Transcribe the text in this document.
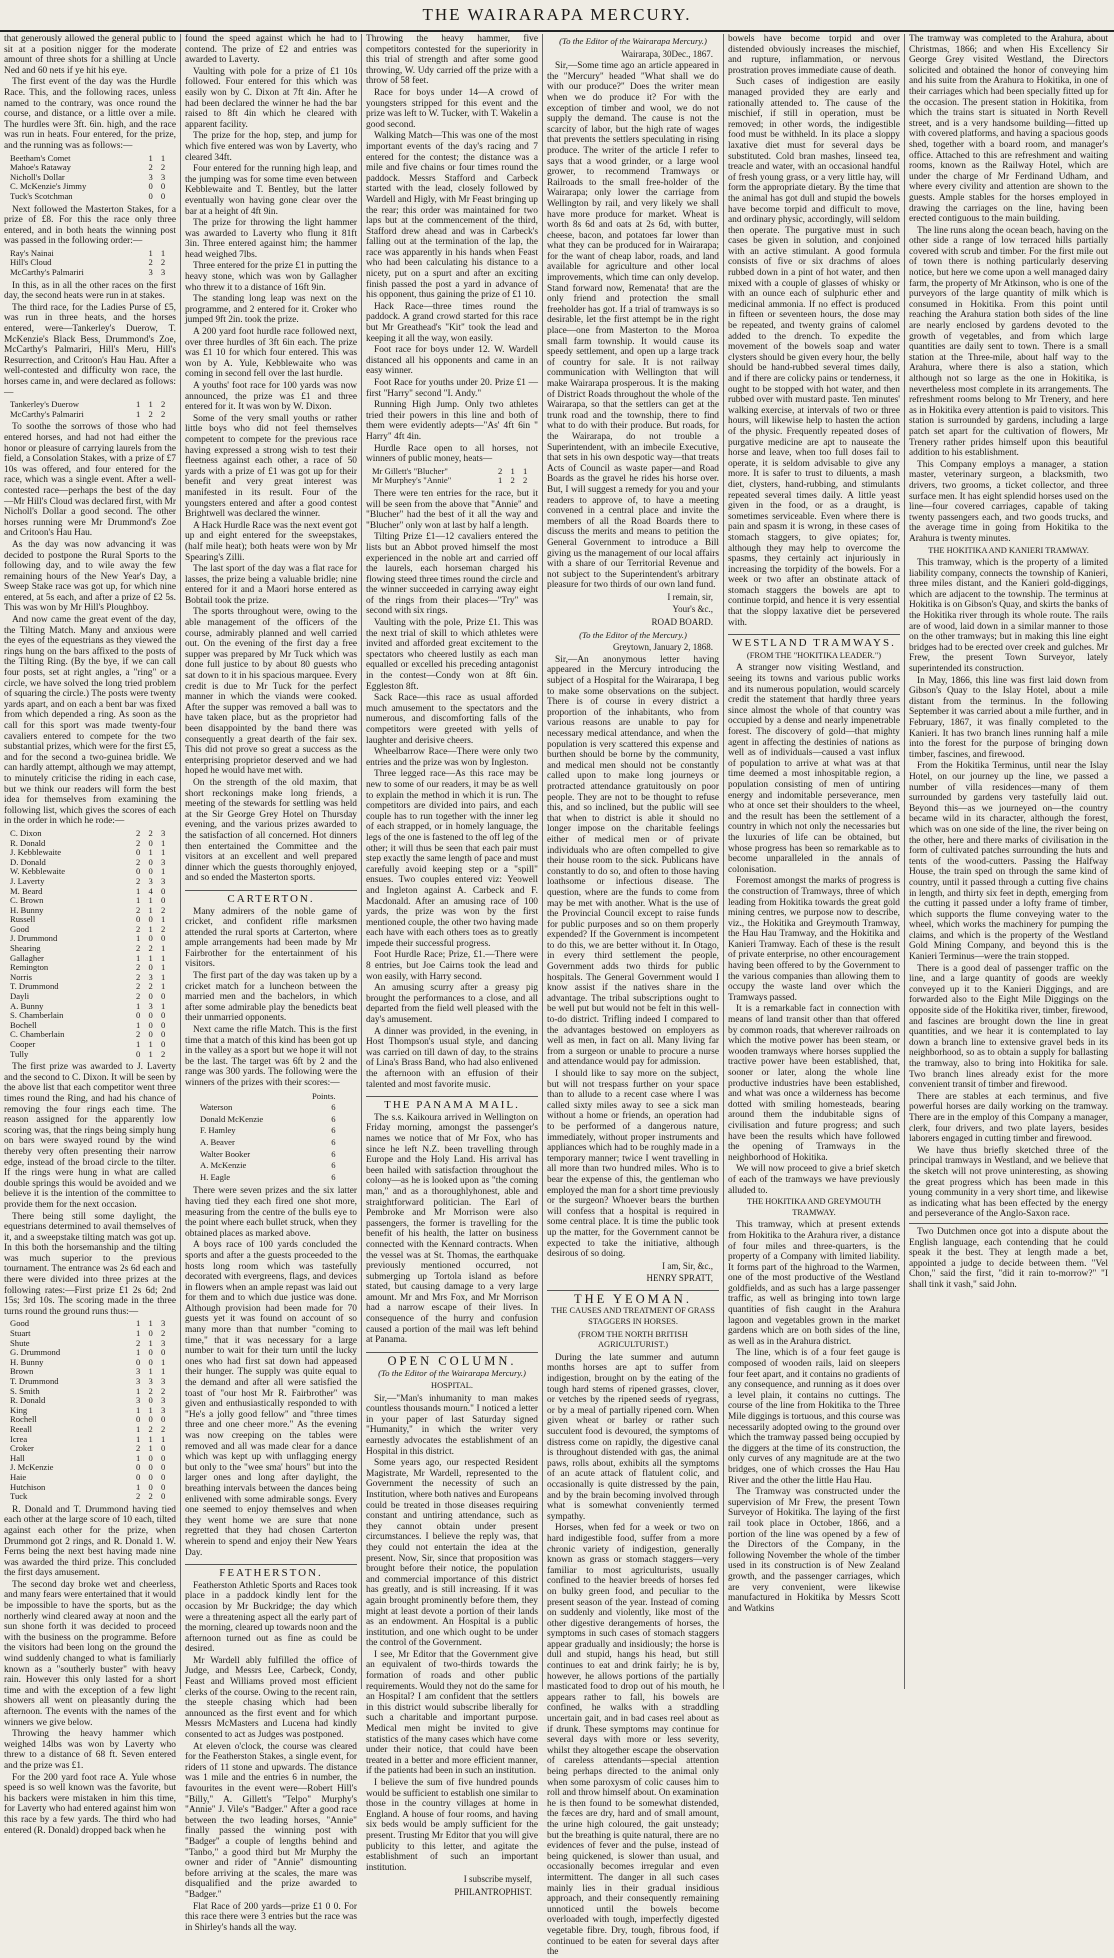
THE WAIRARAPA MERCURY.

that generously allowed the general public to sit at a position nigger for the moderate amount of three shots for a shilling at Uncle Ned and 60 nets if ye hit his eye.

The first event of the day was the Hurdle Race. This, and the following races, unless named to the contrary, was once round the course, and distance, or a little over a mile. The hurdles were 3ft. 6in. high, and the race was run in heats. Four entered, for the prize, and the running was as follows:—

Beetham's Comet	1 1
Mahoe's Rataway	2 2
Nicholl's Dollar	3 3
C. McKenzie's Jimmy	0 0
Tuck's Scotchman	0 0

Next followed the Masterton Stakes, for a prize of £8. For this the race only three entered, and in both heats the winning post was passed in the following order:—

Ray's Nainai	1 1
Hill's Cloud	2 2
McCarthy's Palmariri	3 3

In this, as in all the other races on the first day, the second heats were run in at stakes.

The third race, for the Ladies Purse of £5, was run in three heats, and the horses entered, were—Tankerley's Duerow, T. McKenzie's Black Bess, Drummond's Zoe, McCarthy's Palmariri, Hill's Meru, Hill's Resurrection, and Critoon's Hau Hau. After a well-contested and difficulty won race, the horses came in, and were declared as follows:—

Tankerley's Duerow	1 1 2
McCarthy's Palmariri	1 2 2

To soothe the sorrows of those who had entered horses, and had not had either the honor or pleasure of carrying laurels from the field, a Consolation Stakes, with a prize of £7 10s was offered, and four entered for the race, which was a single event. After a well-contested race—perhaps the best of the day—Mr Hill's Cloud was declared first, with Mr Nicholl's Dollar a good second. The other horses running were Mr Drummond's Zoe and Critoon's Hau Hau.

As the day was now advancing it was decided to postpone the Rural Sports to the following day, and to wile away the few remaining hours of the New Year's Day, a Sweep Stake race was got up, for which nine entered, at 5s each, and after a prize of £2 5s. This was won by Mr Hill's Ploughboy.

And now came the great event of the day, the Tilting Match. Many and anxious were the eyes of the equestrians as they viewed the rings hung on the bars affixed to the posts of the Tilting Ring. (By the bye, if we can call four posts, set at right angles, a "ring" or a circle, we have solved the long tried problem of squaring the circle.) The posts were twenty yards apart, and on each a bent bar was fixed from which depended a ring. As soon as the call for this sport was made twenty-four cavaliers entered to compete for the two substantial prizes, which were for the first £5, and for the second a two-guinea bridle. We can hardly attempt, although we may attempt, to minutely criticise the riding in each case, but we think our readers will form the best idea for themselves from examining the following list, which gives the scores of each in the order in which he rode:—

C. Dixon	2 2 3
R. Donald	2 0 1
J. Kebblewaite	0 1 1
D. Donald	2 0 3
W. Kebblewaite	0 0 1
J. Laverty	2 3 3
M. Beard	1 4 0
C. Brown	1 1 0
H. Bunny	2 1 2
Russell	0 0 1
Good	2 1 2
J. Drummond	1 0 0
Shearing	2 2 1
Gallagher	1 1 1
Remington	2 0 1
Norris	2 3 1
T. Drummond	2 2 1
Dayli	2 0 0
A. Bunny	1 3 1
S. Chamberlain	0 0 0
Bochell	1 0 0
C. Chamberlain	2 0 0
Cooper	1 1 0
Tully	0 1 2

The first prize was awarded to J. Laverty and the second to C. Dixon. It will be seen by the above list that each competitor went three times round the Ring, and had his chance of removing the four rings each time. The reason assigned for the apparently low scoring was, that the rings being simply hung on bars were swayed round by the wind thereby very often presenting their narrow edge, instead of the broad circle to the tilter. If the rings were hung in what are called double springs this would be avoided and we believe it is the intention of the committee to provide them for the next occasion.

There being still some daylight, the equestrians determined to avail themselves of it, and a sweepstake tilting match was got up. In this both the horsemanship and the tilting was much superior to the previous tournament. The entrance was 2s 6d each and there were divided into three prizes at the following rates:—First prize £1 2s 6d; 2nd 15s; 3rd 10s. The scoring made in the three turns round the ground runs thus:—

Good	1 1 3
Stuart	1 0 2
Shute	2 1 3
G. Drummond	1 0 0
H. Bunny	0 0 1
Brown	3 1 1
T. Drummond	3 3 3
S. Smith	1 2 2
R. Donald	3 0 3
King	1 1 3
Rochell	0 0 0
Reeall	1 2 2
Icrea	1 1 1
Croker	2 1 0
Hall	1 0 0
J. McKenzie	0 0 0
Haie	0 0 0
Hutchison	1 0 0
Tuck	2 2 0

R. Donald and T. Drummond having tied each other at the large score of 10 each, tilted against each other for the prize, when Drummond got 2 rings, and R. Donald 1. W. Ferns being the next best having made nine was awarded the third prize. This concluded the first days amusement.

The second day broke wet and cheerless, and many fears were entertained that it would be impossible to have the sports, but as the northerly wind cleared away at noon and the sun shone forth it was decided to proceed with the business on the programme. Before the visitors had been long on the ground the wind suddenly changed to what is familiarly known as a "southerly buster" with heavy rain. However this only lasted for a short time and with the exception of a few light showers all went on pleasantly during the afternoon. The events with the names of the winners we give below.

Throwing the heavy hammer which weighed 14lbs was won by Laverty who threw to a distance of 68 ft. Seven entered and the prize was £1.

For the 200 yard foot race A. Yule whose speed is so well known was the favorite, but his backers were mistaken in him this time, for Laverty who had entered against him won this race by a few yards. The third who had entered (R. Donald) dropped back when he

found the speed against which he had to contend. The prize of £2 and entries was awarded to Laverty.

Vaulting with pole for a prize of £1 10s followed. Four entered for this which was easily won by C. Dixon at 7ft 4in. After he had been declared the winner he had the bar raised to 8ft 4in which he cleared with apparent facility.

The prize for the hop, step, and jump for which five entered was won by Laverty, who cleared 34ft.

Four entered for the running high leap, and the jumping was for some time even between Kebblewaite and T. Bentley, but the latter eventually won having gone clear over the bar at a height of 4ft 9in.

The prize for throwing the light hammer was awarded to Laverty who flung it 81ft 3in. Three entered against him; the hammer head weighed 7lbs.

Three entered for the prize £1 in putting the heavy stone, which was won by Gallagher who threw it to a distance of 16ft 9in.

The standing long leap was next on the programme, and 2 entered for it. Croker who jumped 9ft 2in. took the prize.

A 200 yard foot hurdle race followed next, over three hurdles of 3ft 6in each. The prize was £1 10 for which four entered. This was won by A. Yule, Kebblewaite who was coming in second fell over the last hurdle.

A youths' foot race for 100 yards was now announced, the prize was £1 and three entered for it. It was won by W. Dixon.

Some of the very small youths or rather little boys who did not feel themselves competent to compete for the previous race having expressed a strong wish to test their fleetness against each other, a race of 50 yards with a prize of £1 was got up for their benefit and very great interest was manifested in its result. Four of the youngsters entered and after a good contest Brightwell was declared the winner.

A Hack Hurdle Race was the next event got up and eight entered for the sweepstakes, (half mile heat); both heats were won by Mr Spearing's Zilli.

The last sport of the day was a flat race for lasses, the prize being a valuable bridle; nine entered for it and a Maori horse entered as Bobtail took the prize.

The sports throughout were, owing to the able management of the officers of the course, admirably planned and well carried out. On the evening of the first day a free supper was prepared by Mr Tuck which was done full justice to by about 80 guests who sat down to it in his spacious marquee. Every credit is due to Mr Tuck for the perfect manner in which the viands were cooked. After the supper was removed a ball was to have taken place, but as the proprietor had been disappointed by the band there was consequently a great dearth of the fair sex. This did not prove so great a success as the enterprising proprietor deserved and we had hoped he would have met with.

On the strength of the old maxim, that short reckonings make long friends, a meeting of the stewards for settling was held at the Sir George Grey Hotel on Thursday evening, and the various prizes awarded to the satisfaction of all concerned. Hot dinners then entertained the Committee and the visitors at an excellent and well prepared dinner which the guests thoroughly enjoyed, and so ended the Masterton sports.

CARTERTON.

Many admirers of the noble game of cricket, and confident rifle marksmen attended the rural sports at Carterton, where ample arrangements had been made by Mr Fairbrother for the entertainment of his visitors.

The first part of the day was taken up by a cricket match for a luncheon between the married men and the bachelors, in which after some admirable play the benedicts beat their unmarried opponents.

Next came the rifle Match. This is the first time that a match of this kind has been got up in the valley as a sport but we hope it will not be the last. The target was 6ft by 2 and the range was 300 yards. The following were the winners of the prizes with their scores:—

	Points.
Waterson	6
Donald McKenzie	6
F. Hamley	6
A. Beaver	6
Walter Booker	6
A. McKenzie	6
H. Eagle	6

There were seven prizes and the six latter having tied they each fired one shot more, measuring from the centre of the bulls eye to the point where each bullet struck, when they obtained places as marked above.

A boys race of 100 yards concluded the sports and after a the guests proceeded to the hosts long room which was tastefully decorated with evergreens, flags, and devices in flowers when an ample repast was laid out for them and to which due justice was done. Although provision had been made for 70 guests yet it was found on account of so many more than that number "coming to time," that it was necessary for a large number to wait for their turn until the lucky ones who had first sat down had appeased their hunger. The supply was quite equal to the demand and after all were satisfied the toast of "our host Mr R. Fairbrother" was given and enthusiastically responded to with "He's a jolly good fellow" and "three times three and one cheer more." As the evening was now creeping on the tables were removed and all was made clear for a dance which was kept up with unflagging energy but only to the "wee sma' hours" but into the larger ones and long after daylight, the breathing intervals between the dances being enlivened with some admirable songs. Every one seemed to enjoy themselves and when they went home we are sure that none regretted that they had chosen Carterton wherein to spend and enjoy their New Years Day.

FEATHERSTON.

Featherston Athletic Sports and Races took place in a paddock kindly lent for the occasion by Mr Buckridge; the day which were a threatening aspect all the early part of the morning, cleared up towards noon and the afternoon turned out as fine as could be desired.

Mr Wardell ably fulfilled the office of Judge, and Messrs Lee, Carbeck, Condy, Feast and Williams proved most efficient clerks of the course. Owing to the recent rain, the steeple chasing which had been announced as the first event and for which Messrs McMasters and Lucena had kindly consented to act as Judges was postponed.

At eleven o'clock, the course was cleared for the Featherston Stakes, a single event, for riders of 11 stone and upwards. The distance was 1 mile and the entries 6 in number, the favourites in the event were—Robert Hill's "Billy," A. Gillett's "Telpo" Murphy's "Annie" J. Vile's "Badger." After a good race between the two leading horses, "Annie" finally passed the winning post with "Badger" a couple of lengths behind and "Tanbo," a good third but Mr Murphy the owner and rider of "Annie" dismounting before arriving at the scales, the mare was disqualified and the prize awarded to "Badger."

Flat Race of 200 yards—prize £1 0 0. For this race there were 3 entries but the race was in Shirley's hands all the way.

Throwing the heavy hammer, five competitors contested for the superiority in this trial of strength and after some good throwing, W. Udy carried off the prize with a throw of 58 feet.

Race for boys under 14—A crowd of youngsters stripped for this event and the prize was left to W. Tucker, with T. Wakelin a good second.

Walking Match—This was one of the most important events of the day's racing and 7 entered for the contest; the distance was a mile and five chains or four times round the paddock. Messrs Stafford and Carbeck started with the lead, closely followed by Wardell and Higly, with Mr Feast bringing up the rear; this order was maintained for two laps but at the commencement of the third, Stafford drew ahead and was in Carbeck's falling out at the termination of the lap, the race was apparently in his hands when Feast who had been calculating his distance to a nicety, put on a spurt and after an exciting finish passed the post a yard in advance of his opponent, thus gaining the prize of £1 10.

Hack Race—three times round the paddock. A grand crowd started for this race but Mr Greathead's "Kit" took the lead and keeping it all the way, won easily.

Foot race for boys under 12. W. Wardell distanced all his opponents and came in an easy winner.

Foot Race for youths under 20. Prize £1 —first "Harry" second "I. Andy."

Running High Jump. Only two athletes tried their powers in this line and both of them were evidently adepts—"As' 4ft 6in " Harry" 4ft 4in.

Hurdle Race open to all horses, not winners of public money, heats—

Mr Gillett's "Blucher"	2 1 1
Mr Murphey's "Annie"	1 2 2

There were ten entries for the race, but it will be seen from the above that "Annie" and "Blucher" had the best of it all the way and "Blucher" only won at last by half a length.

Tilting Prize £1—12 cavaliers entered the lists but an Abbot proved himself the most experienced in the noble art and carried off the laurels, each horseman charged his flowing steed three times round the circle and the winner succeeded in carrying away eight of the rings from their places—"Try" was second with six rings.

Vaulting with the pole, Prize £1. This was the next trial of skill to which athletes were invited and afforded great excitement to the spectators who cheered lustily as each man equalled or excelled his preceding antagonist in the contest—Condy won at 8ft 6in. Eggleston 8ft.

Sack Race—this race as usual afforded much amusement to the spectators and the numerous, and discomforting falls of the competitors were greeted with yells of laughter and derisive cheers.

Wheelbarrow Race—There were only two entries and the prize was won by Ingleston.

Three legged race—As this race may be new to some of our readers, it may be as well to explain the method in which it is run. The competitors are divided into pairs, and each couple has to run together with the inner leg of each strapped, or in homely language, the legs of the one is fastened to the off leg of the other; it will thus be seen that each pair must step exactly the same length of pace and must carefully avoid keeping step or a "spill" ensues. Two couples entered viz: Yeowell and Ingleton against A. Carbeck and F. Macdonald. After an amusing race of 100 yards, the prize was won by the first mentioned couple, the other two having made each have with each others toes as to greatly impede their successful progress.

Foot Hurdle Race; Prize, £1.—There were 8 entries, but Joe Cairns took the lead and won easily, with Harry second.

An amusing scurry after a greasy pig brought the performances to a close, and all departed from the field well pleased with the day's amusement.

A dinner was provided, in the evening, in Host Thompson's usual style, and dancing was carried on till dawn of day, to the strains of Lina's Brass Band, who had also enlivened the afternoon with an effusion of their talented and most favorite music.

THE PANAMA MAIL.

The s.s. Kaikoura arrived in Wellington on Friday morning, amongst the passenger's names we notice that of Mr Fox, who has since he left N.Z. been travelling through Europe and the Holy Land. His arrival has been hailed with satisfaction throughout the colony—as he is looked upon as "the coming man," and as a thoroughlyhonest, able and straightforward politician. The Earl of Pembroke and Mr Morrison were also passengers, the former is travelling for the benefit of his health, the latter on business connected with the Kennard contracts. When the vessel was at St. Thomas, the earthquake previously mentioned occurred, not submerging up Tortola island as before stated, but causing damage to a very large amount. Mr and Mrs Fox, and Mr Morrison had a narrow escape of their lives. In consequence of the hurry and confusion caused a portion of the mail was left behind at Panama.

OPEN COLUMN.
(To the Editor of the Wairarapa Mercury.)
HOSPITAL.

Sir,—"Man's inhumanity to man makes countless thousands mourn." I noticed a letter in your paper of last Saturday signed "Humanity," in which the writer very earnestly advocates the establishment of an Hospital in this district.

Some years ago, our respected Resident Magistrate, Mr Wardell, represented to the Government the necessity of such an Institution, where both natives and Europeans could be treated in those diseases requiring constant and untiring attendance, such as they cannot obtain under present circumstances. I believe the reply was, that they could not entertain the idea at the present. Now, Sir, since that proposition was brought before their notice, the population and commercial importance of this district has greatly, and is still increasing. If it was again brought prominently before them, they might at least devote a portion of their lands as an endowment. An Hospital is a public institution, and one which ought to be under the control of the Government.

I see, Mr Editor that the Government give an equivalent of two-thirds towards the formation of roads and other public requirements. Would they not do the same for an Hospital? I am confident that the settlers in this district would subscribe liberally for such a charitable and important purpose. Medical men might be invited to give statistics of the many cases which have come under their notice, that could have been treated in a better and more efficient manner, if the patients had been in such an institution.

I believe the sum of five hundred pounds would be sufficient to establish one similar to those in the country villages at home in England. A house of four rooms, and having six beds would be amply sufficient for the present. Trusting Mr Editor that you will give publicity to this letter, and agitate the establishment of such an important institution.

I subscribe myself,
PHILANTROPHIST.
(To the Editor of the Wairarapa Mercury.)
Wairarapa, 30Dec., 1867.

Sir,—Some time ago an article appeared in the "Mercury" headed "What shall we do with our produce?" Does the writer mean when we do produce it? For with the exception of timber and wool, we do not supply the demand. The cause is not the scarcity of labor, but the high rate of wages that prevents the settlers speculating in rising produce. The writer of the article I refer to says that a wood grinder, or a large wool grower, to recommend Tramways or Railroads to the small free-holder of the Wairarapa; only lower the carriage from Wellington by rail, and very likely we shall have more produce for market. Wheat is worth 8s 6d and oats at 2s 6d, with butter, cheese, bacon, and potatoes far lower than what they can be produced for in Wairarapa; for the want of cheap labor, roads, and land available for agriculture and other local improvements, which time can only develop. Stand forward now, Remenata! that are the only friend and protection the small freeholder has got. If a trial of tramways is so desirable, let the first attempt be in the right place—one from Masterton to the Moroa small farm township. It would cause its speedy settlement, and open up a large track of country for sale. It is not railway communication with Wellington that will make Wairarapa prosperous. It is the making of District Roads throughout the whole of the Wairarapa, so that the settlers can get at the trunk road and the township, there to find what to do with their produce. But roads, for the Wairarapa, do not trouble a Superintendent, with an imbecile Executive, that sets in his own despotic way—that treats Acts of Council as waste paper—and Road Boards as the gravel he rides his horse over. But, I will suggest a remedy for you and your readers to approve of, to have a meeting convened in a central place and invite the members of all the Road Boards there to discuss the merits and means to petition the General Government to introduce a Bill giving us the management of our local affairs with a share of our Territorial Revenue and not subject to the Superintendent's arbitrary pleasure for two thirds of our own land fund.

I remain, sir,
Your's &c.,
ROAD BOARD.
(To the Editor of the Mercury.)
Greytown, January 2, 1868.

Sir,—An anonymous letter having appeared in the Mercury introducing the subject of a Hospital for the Wairarapa, I beg to make some observations on the subject. There is of course in every district a proportion of the inhabitants, who from various reasons are unable to pay for necessary medical attendance, and when the population is very scattered this expense and burthen should be borne by the community, and medical men should not be constantly called upon to make long journeys or protracted attendance gratuitously on poor people. They are not to be thought to refuse this, and so inclined, but the public will see that when to district is able it should no longer impose on the charitable feelings either of medical men or of private individuals who are often compelled to give their house room to the sick. Publicans have constantly to do so, and often to those having loathsome or infectious disease. The question, where are the funds to come from may be met with another. What is the use of the Provincial Council except to raise funds for public purposes and so on them properly expended? If the Government is incompetent to do this, we are better without it. In Otago, in every third settlement the people, Government adds two thirds for public hospitals. The General Government would I know assist if the natives share in the advantage. The tribal subscriptions ought to be well put but would not be felt in this well-to-do district. Trifling indeed I compared to the advantages bestowed on employers as well as men, in fact on all. Many living far from a surgeon or unable to procure a nurse and attendance would pay for admission.

I should like to say more on the subject, but will not trespass further on your space than to allude to a recent case where I was called sixty miles away to see a sick man without a home or friends, an operation had to be performed of a dangerous nature, immediately, without proper instruments and appliances which had to be roughly made in a temporary manner; twice I went travelling in all more than two hundred miles. Who is to bear the expense of this, the gentleman who employed the man for a short time previously or the surgeon? Whoever bears the burthen will confess that a hospital is required in some central place. It is time the public took up the matter, for the Government cannot be expected to take the initiative, although desirous of so doing.

I am, Sir, &c.,
HENRY SPRATT,
THE YEOMAN.
THE CAUSES AND TREATMENT OF GRASS STAGGERS IN HORSES.
(FROM THE NORTH BRITISH AGRICULTURIST.)

During the late summer and autumn months horses are apt to suffer from indigestion, brought on by the eating of the tough hard stems of ripened grasses, clover, or vetches by the ripened seeds of ryegrass, or by a meal of partially ripened corn. When given wheat or barley or rather such succulent food is devoured, the symptoms of distress come on rapidly, the digestive canal is throughout distended with gas, the animal paws, rolls about, exhibits all the symptoms of an acute attack of flatulent colic, and occasionally is quite distressed by the pain, and by the brain becoming involved through what is somewhat conveniently termed sympathy.

Horses, when fed for a week or two on hard indigestible food, suffer from a more chronic variety of indigestion, generally known as grass or stomach staggers—very familiar to most agriculturists, usually confined to the heavier breeds of horses fed on bulky green food, and peculiar to the present season of the year. Instead of coming on suddenly and violently, like most of the other digestive derangements of horses, the symptoms in such cases of stomach staggers appear gradually and insidiously; the horse is dull and stupid, hangs his head, but still continues to eat and drink fairly; he is by, however, he allows portions of the partially masticated food to drop out of his mouth, he appears rather to fall, his bowels are confined, he walks with a straddling uncertain gait, and in bad cases reel about as if drunk. These symptoms may continue for several days with more or less severity, whilst they altogether escape the observation of careless attendants—special attention being perhaps directed to the animal only when some paroxysm of colic causes him to roll and throw himself about. On examination he is then found to be somewhat distended, the fæces are dry, hard and of small amount, the urine high coloured, the gait unsteady; but the breathing is quite natural, there are no evidences of fever and the pulse, instead of being quickened, is slower than usual, and occasionally becomes irregular and even intermittent. The danger in all such cases mainly lies in their gradual insidious approach, and their consequently remaining unnoticed until the bowels become overloaded with tough, imperfectly digested vegetable fibre. Dry, tough, fibrous food, if continued to be eaten for several days after the

bowels have become torpid and over distended obviously increases the mischief, and rupture, inflammation, or nervous prostration proves immediate cause of death.

Such cases of indigestion are easily managed provided they are early and rationally attended to. The cause of the mischief, if still in operation, must be removed; in other words, the indigestible food must be withheld. In its place a sloppy laxative diet must for several days be substituted. Cold bran mashes, linseed tea, treacle and water, with an occasional handful of fresh young grass, or a very little hay, will form the appropriate dietary. By the time that the animal has got dull and stupid the bowels have become torpid and difficult to move, and ordinary physic, accordingly, will seldom then operate. The purgative must in such cases be given in solution, and conjoined with an active stimulant. A good formula consists of five or six drachms of aloes rubbed down in a pint of hot water, and then mixed with a couple of glasses of whisky or with an ounce each of sulphuric ether and medicinal ammonia. If no effect is produced in fifteen or seventeen hours, the dose may be repeated, and twenty grains of calomel added to the drench. To expedite the movement of the bowels soap and water clysters should be given every hour, the belly should be hand-rubbed several times daily, and if there are colicky pains or tenderness, it ought to be stopped with hot water, and then rubbed over with mustard paste. Ten minutes' walking exercise, at intervals of two or three hours, will likewise help to hasten the action of the physic. Frequently repeated doses of purgative medicine are apt to nauseate the horse and leave, when too full doses fail to operate, it is seldom advisable to give any more. It is safer to trust to diluents, a mash diet, clysters, hand-rubbing, and stimulants repeated several times daily. A little yeast given in the food, or as a draught, is sometimes serviceable. Even where there is pain and spasm it is wrong, in these cases of stomach staggers, to give opiates; for, although they may help to overcome the spasms, they certainly act injuriously in increasing the torpidity of the bowels. For a week or two after an obstinate attack of stomach staggers the bowels are apt to continue torpid, and hence it is very essential that the sloppy laxative diet be persevered with.

WESTLAND TRAMWAYS.
(FROM THE "HOKITIKA LEADER.")

A stranger now visiting Westland, and seeing its towns and various public works and its numerous population, would scarcely credit the statement that hardly three years since almost the whole of that country was occupied by a dense and nearly impenetrable forest. The discovery of gold—that mighty agent in affecting the destinies of nations as well as of individuals—caused a vast influx of population to arrive at what was at that time deemed a most inhospitable region, a population consisting of men of untiring energy and indomitable perseverance, men who at once set their shoulders to the wheel, and the result has been the settlement of a country in which not only the necessaries but the luxuries of life can be obtained, but whose progress has been so remarkable as to become unparalleled in the annals of colonisation.

Foremost amongst the marks of progress is the construction of Tramways, three of which leading from Hokitika towards the great gold mining centres, we purpose now to describe, viz., the Hokitika and Greymouth Tramway, the Hau Hau Tramway, and the Hokitika and Kanieri Tramway. Each of these is the result of private enterprise, no other encouragement having been offered to by the Government to the various companies than allowing them to occupy the waste land over which the Tramways passed.

It is a remarkable fact in connection with means of land transit other than that offered by common roads, that wherever railroads on which the motive power has been steam, or wooden tramways where horses supplied the tractive power have been established, that, sooner or later, along the whole line productive industries have been established, and what was once a wilderness has become dotted with smiling homesteads, bearing around them the indubitable signs of civilisation and future progress; and such have been the results which have followed the opening of Tramways in the neighborhood of Hokitika.

We will now proceed to give a brief sketch of each of the tramways we have previously alluded to.

THE HOKITIKA AND GREYMOUTH TRAMWAY.

This tramway, which at present extends from Hokitika to the Arahura river, a distance of four miles and three-quarters, is the property of a Company with limited liability. It forms part of the highroad to the Warmen, one of the most productive of the Westland goldfields, and as such has a large passenger traffic, as well as bringing into town large quantities of fish caught in the Arahura lagoon and vegetables grown in the market gardens which are on both sides of the line, as well as in the Arahura district.

The line, which is of a four feet gauge is composed of wooden rails, laid on sleepers four feet apart, and it contains no gradients of any consequence, and running as it does over a level plain, it contains no cuttings. The course of the line from Hokitika to the Three Mile diggings is tortuous, and this course was necessarily adopted owing to the ground over which the tramway passed being occupied by the diggers at the time of its construction, the only curves of any magnitude are at the two bridges, one of which crosses the Hau Hau River and the other the little Hau Hau.

The Tramway was constructed under the supervision of Mr Frew, the present Town Surveyor of Hokitika. The laying of the first rail took place in October, 1866, and a portion of the line was opened by a few of the Directors of the Company, in the following November the whole of the timber used in its construction is of New Zealand growth, and the passenger carriages, which are very convenient, were likewise manufactured in Hokitika by Messrs Scott and Watkins

The tramway was completed to the Arahura, about Christmas, 1866; and when His Excellency Sir George Grey visited Westland, the Directors solicited and obtained the honor of conveying him and his suite from the Arahura to Hokitika, in one of their carriages which had been specially fitted up for the occasion. The present station in Hokitika, from which the trains start is situated in North Revell street, and is a very handsome building—fitted up with covered platforms, and having a spacious goods shed, together with a board room, and manager's office. Attached to this are refreshment and waiting rooms, known as the Railway Hotel, which are under the charge of Mr Ferdinand Udham, and where every civility and attention are shown to the guests. Ample stables for the horses employed in drawing the carriages on the line, having been erected contiguous to the main building.

The line runs along the ocean beach, having on the other side a range of low terraced hills partially covered with scrub and timber. For the first mile out of town there is nothing particularly deserving notice, but here we come upon a well managed dairy farm, the property of Mr Atkinson, who is one of the purveyors of the large quantity of milk which is consumed in Hokitika. From this point until reaching the Arahura station both sides of the line are nearly enclosed by gardens devoted to the growth of vegetables, and from which large quantities are daily sent to town. There is a small station at the Three-mile, about half way to the Arahura, where there is also a station, which although not so large as the one in Hokitika, is nevertheless most complete in its arrangements. The refreshment rooms belong to Mr Trenery, and here as in Hokitika every attention is paid to visitors. This station is surrounded by gardens, including a large patch set apart for the cultivation of flowers, Mr Trenery rather prides himself upon this beautiful addition to his establishment.

This Company employs a manager, a station master, veterinary surgeon, a blacksmith, two drivers, two grooms, a ticket collector, and three surface men. It has eight splendid horses used on the line—four covered carriages, capable of taking twenty passengers each, and two goods trucks, and the average time in going from Hokitika to the Arahura is twenty minutes.

THE HOKITIKA AND KANIERI TRAMWAY.

This tramway, which is the property of a limited liability company, connects the township of Kanieri, three miles distant, and the Kanieri gold-diggings, which are adjacent to the township. The terminus at Hokitika is on Gibson's Quay, and skirts the banks of the Hokitika river through its whole route. The rails are of wood, laid down in a similar manner to those on the other tramways; but in making this line eight bridges had to be erected over creek and gulches. Mr Frew, the present Town Surveyor, lately superintended its construction.

In May, 1866, this line was first laid down from Gibson's Quay to the Islay Hotel, about a mile distant from the terminus. In the following September it was carried about a mile further, and in February, 1867, it was finally completed to the Kanieri. It has two branch lines running half a mile into the forest for the purpose of bringing down timber, fascines, and firewood.

From the Hokitika Terminus, until near the Islay Hotel, on our journey up the line, we passed a number of villa residences—many of them surrounded by gardens very tastefully laid out. Beyond this—as we journeyed on—the country became wild in its character, although the forest, which was on one side of the line, the river being on the other, here and there marks of civilisation in the form of cultivated patches surrounding the huts and tents of the wood-cutters. Passing the Halfway House, the train sped on through the same kind of country, until it passed through a cutting five chains in length, and thirty six feet in depth, emerging from the cutting it passed under a lofty frame of timber, which supports the flume conveying water to the wheel, which works the machinery for pumping the claims, and which is the property of the Westland Gold Mining Company, and beyond this is the Kanieri Terminus—were the train stopped.

There is a good deal of passenger traffic on the line, and a large quantity of goods are weekly conveyed up it to the Kanieri Diggings, and are forwarded also to the Eight Mile Diggings on the opposite side of the Hokitika river, timber, firewood, and fascines are brought down the line in great quantities, and we hear it is contemplated to lay down a branch line to extensive gravel beds in its neighborhood, so as to obtain a supply for ballasting the tramway, also to bring into Hokitika for sale. Two branch lines already exist for the more convenient transit of timber and firewood.

There are stables at each terminus, and five powerful horses are daily working on the tramway. There are in the employ of this Company a manager, clerk, four drivers, and two plate layers, besides laborers engaged in cutting timber and firewood.

We have thus briefly sketched three of the principal tramways in Westland, and we believe that the sketch will not prove uninteresting, as showing the great progress which has been made in this young community in a very short time, and likewise as indicating what has been effected by the energy and perseverance of the Anglo-Saxon race.

Two Dutchmen once got into a dispute about the English language, each contending that he could speak it the best. They at length made a bet, appointed a judge to decide between them. "Vel Chon," said the first, "did it rain to-morrow?" "I shall tink it vash," said John.
